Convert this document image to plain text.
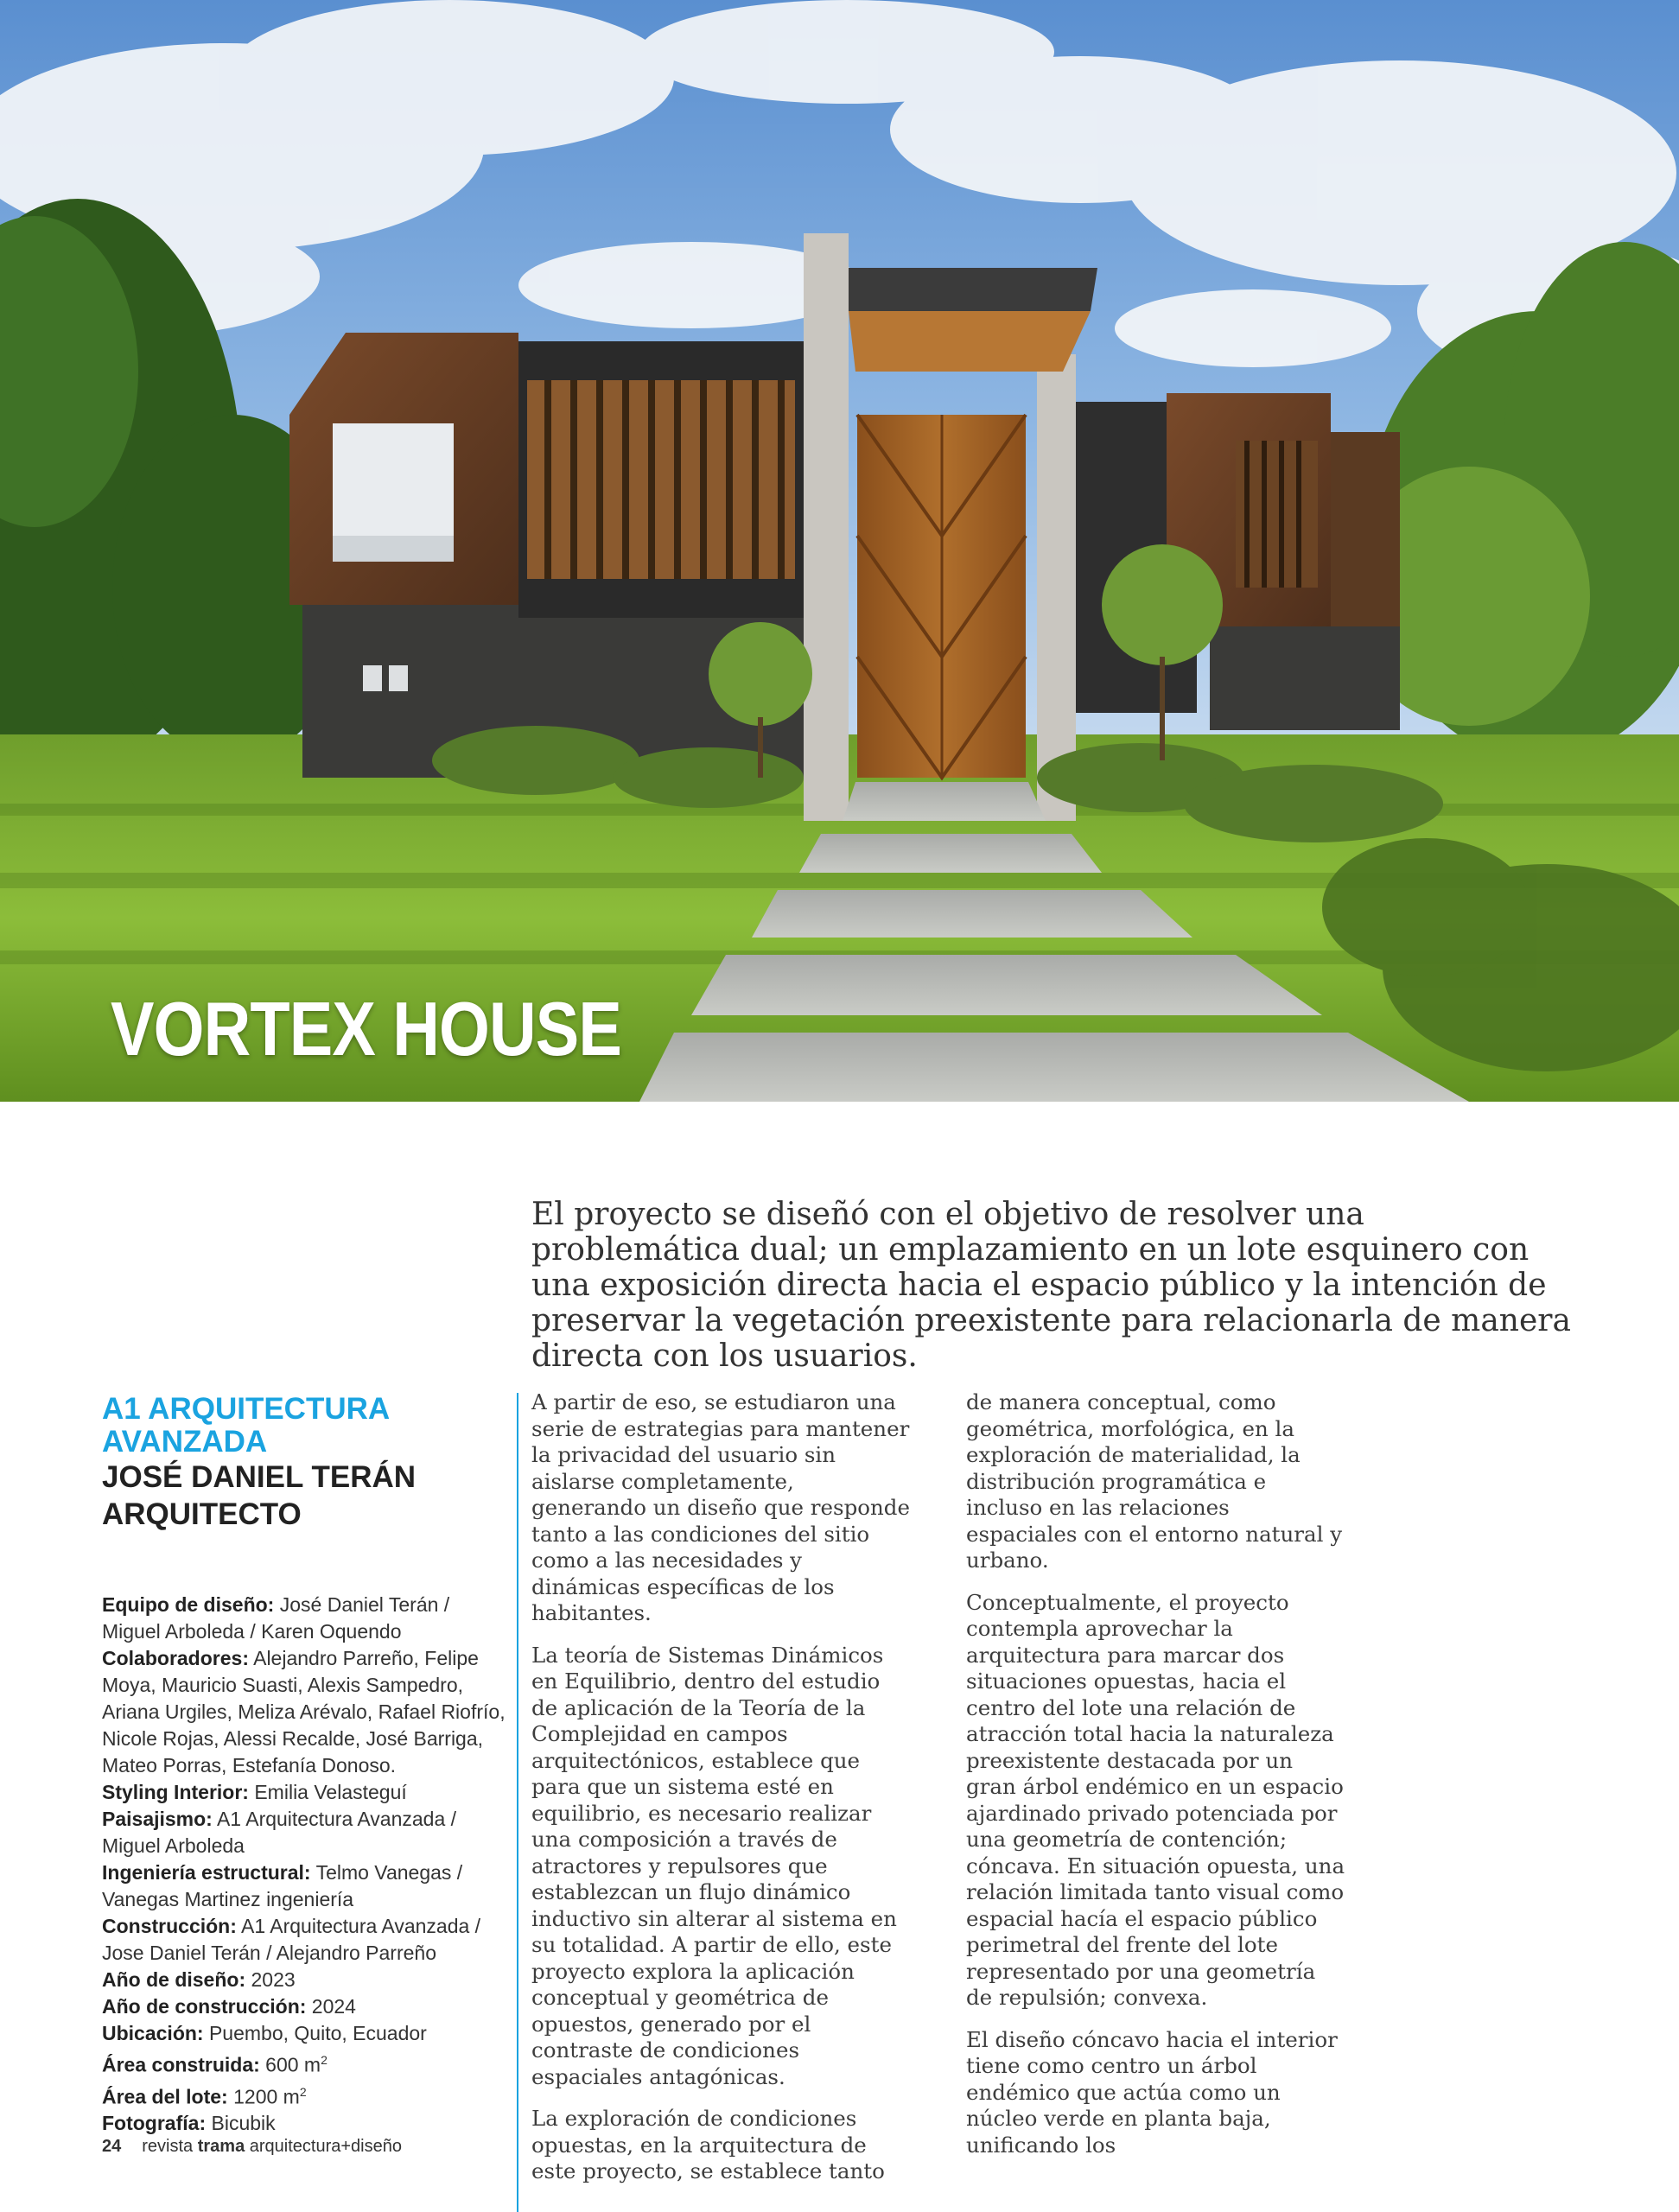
VORTEX HOUSE

El proyecto se diseñó con el objetivo de resolver una problemática dual; un emplazamiento en un lote esquinero con una exposición directa hacia el espacio público y la intención de preservar la vegetación preexistente para relacionarla de manera directa con los usuarios.

A1 ARQUITECTURA AVANZADA

JOSÉ DANIEL TERÁN

ARQUITECTO

Equipo de diseño: José Daniel Terán / Miguel Arboleda / Karen Oquendo
Colaboradores: Alejandro Parreño, Felipe Moya, Mauricio Suasti, Alexis Sampedro, Ariana Urgiles, Meliza Arévalo, Rafael Riofrío, Nicole Rojas, Alessi Recalde, José Barriga, Mateo Porras, Estefanía Donoso.
Styling Interior: Emilia Velasteguí
Paisajismo: A1 Arquitectura Avanzada / Miguel Arboleda
Ingeniería estructural: Telmo Vanegas / Vanegas Martinez ingeniería
Construcción: A1 Arquitectura Avanzada / Jose Daniel Terán / Alejandro Parreño
Año de diseño: 2023
Año de construcción: 2024
Ubicación: Puembo, Quito, Ecuador
Área construida: 600 $m^2$
Área del lote: 1200 $m^2$
Fotografía: Bicubik

A partir de eso, se estudiaron una serie de estrategias para mantener la privacidad del usuario sin aislarse completamente, generando un diseño que responde tanto a las condiciones del sitio como a las necesidades y dinámicas específicas de los habitantes.

La teoría de Sistemas Dinámicos en Equilibrio, dentro del estudio de aplicación de la Teoría de la Complejidad en campos arquitectónicos, establece que para que un sistema esté en equilibrio, es necesario realizar una composición a través de atractores y repulsores que establezcan un flujo dinámico inductivo sin alterar al sistema en su totalidad. A partir de ello, este proyecto explora la aplicación conceptual y geométrica de opuestos, generado por el contraste de condiciones espaciales antagónicas.

La exploración de condiciones opuestas, en la arquitectura de este proyecto, se establece tanto

de manera conceptual, como geométrica, morfológica, en la exploración de materialidad, la distribución programática e incluso en las relaciones espaciales con el entorno natural y urbano.

Conceptualmente, el proyecto contempla aprovechar la arquitectura para marcar dos situaciones opuestas, hacia el centro del lote una relación de atracción total hacia la naturaleza preexistente destacada por un gran árbol endémico en un espacio ajardinado privado potenciada por una geometría de contención; cóncava. En situación opuesta, una relación limitada tanto visual como espacial hacía el espacio público perimetral del frente del lote representado por una geometría de repulsión; convexa.

El diseño cóncavo hacia el interior tiene como centro un árbol endémico que actúa como un núcleo verde en planta baja, unificando los

24 revista trama arquitectura+diseño
